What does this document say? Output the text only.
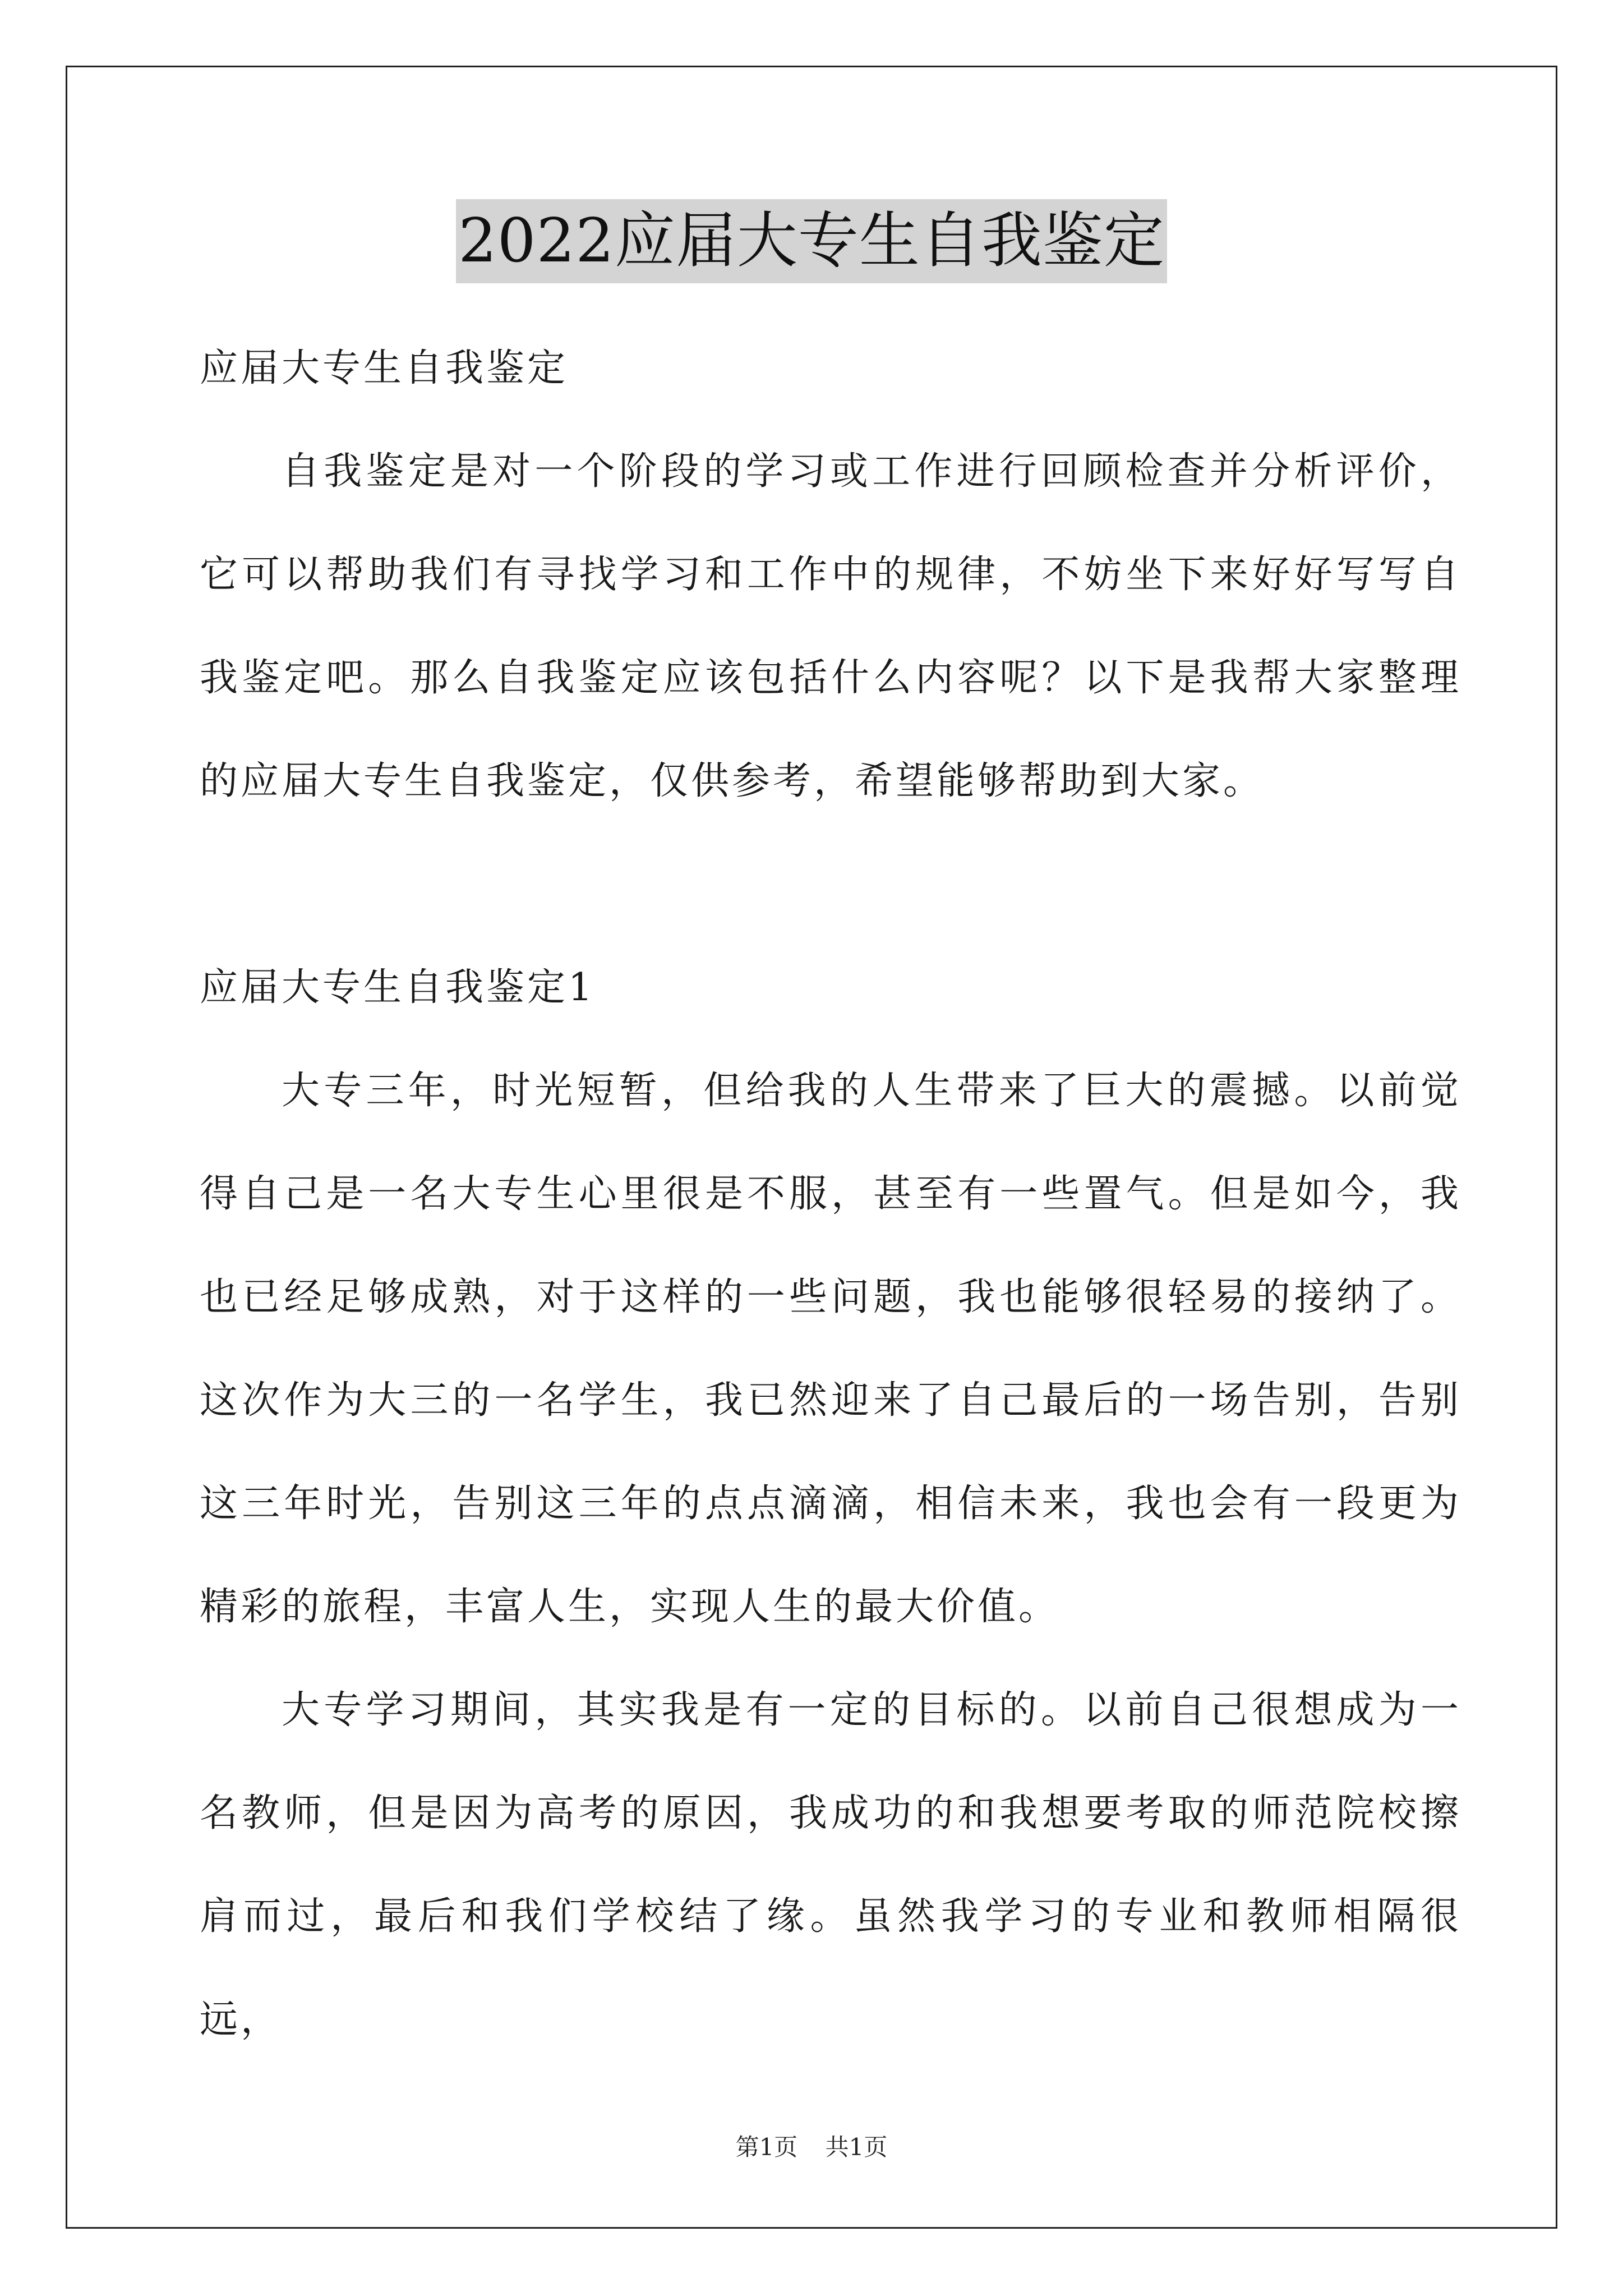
2022应届大专生自我鉴定

应届大专生自我鉴定

自我鉴定是对一个阶段的学习或工作进行回顾检查并分析评价，它可以帮助我们有寻找学习和工作中的规律，不妨坐下来好好写写自我鉴定吧。那么自我鉴定应该包括什么内容呢？以下是我帮大家整理的应届大专生自我鉴定，仅供参考，希望能够帮助到大家。

应届大专生自我鉴定1

大专三年，时光短暂，但给我的人生带来了巨大的震撼。以前觉得自己是一名大专生心里很是不服，甚至有一些置气。但是如今，我也已经足够成熟，对于这样的一些问题，我也能够很轻易的接纳了。这次作为大三的一名学生，我已然迎来了自己最后的一场告别，告别这三年时光，告别这三年的点点滴滴，相信未来，我也会有一段更为精彩的旅程，丰富人生，实现人生的最大价值。

大专学习期间，其实我是有一定的目标的。以前自己很想成为一名教师，但是因为高考的原因，我成功的和我想要考取的师范院校擦肩而过，最后和我们学校结了缘。虽然我学习的专业和教师相隔很远，

第1页 共1页
